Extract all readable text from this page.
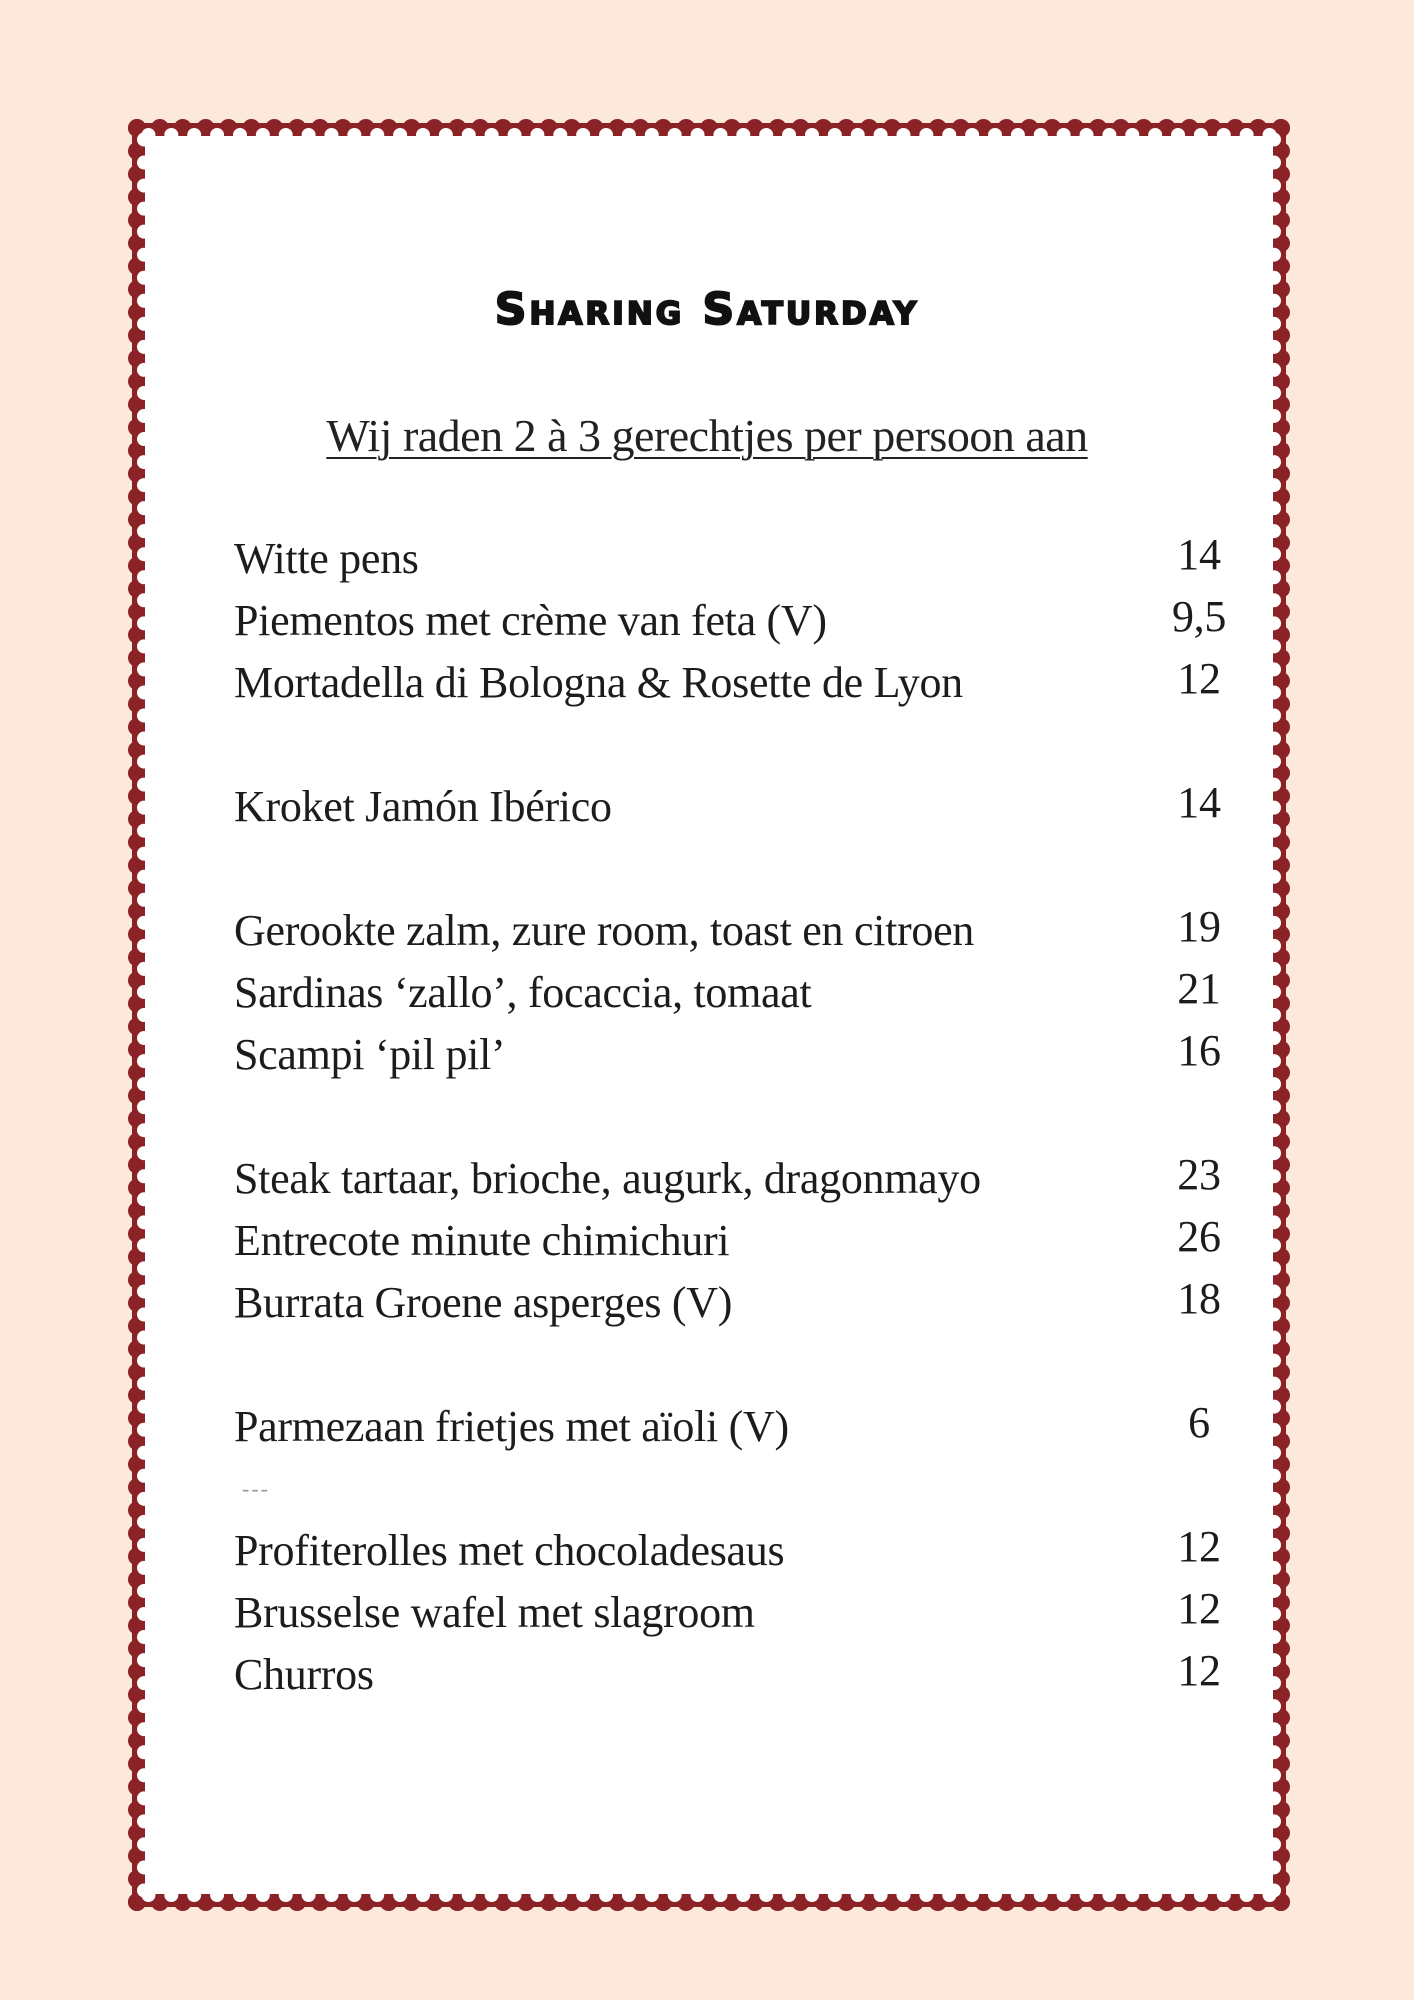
Sharing Saturday
Wij raden 2 à 3 gerechtjes per persoon aan
Witte pens	14
Piementos met crème van feta (V)	9,5
Mortadella di Bologna & Rosette de Lyon	12
Kroket Jamón Ibérico	14
Gerookte zalm, zure room, toast en citroen	19
Sardinas ‘zallo’, focaccia, tomaat	21
Scampi ‘pil pil’	16
Steak tartaar, brioche, augurk, dragonmayo	23
Entrecote minute chimichuri	26
Burrata Groene asperges (V)	18
Parmezaan frietjes met aïoli (V)	6
---
Profiterolles met chocoladesaus	12
Brusselse wafel met slagroom	12
Churros	12
